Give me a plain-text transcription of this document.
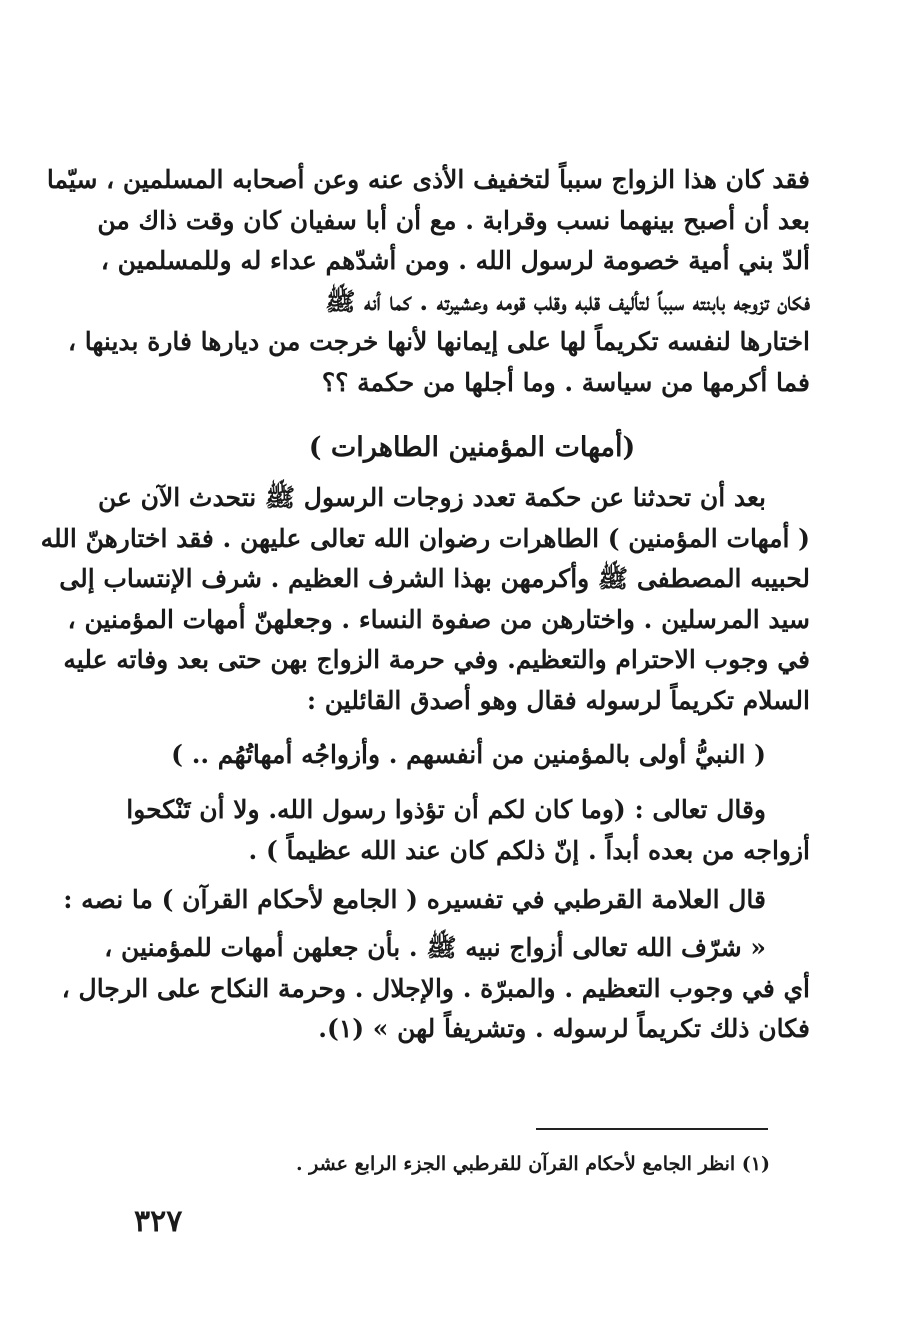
فقد كان هذا الزواج سبباً لتخفيف الأذى عنه وعن أصحابه المسلمين ، سيّما
بعد أن أصبح بينهما نسب وقرابة . مع أن أبا سفيان كان وقت ذاك من
ألدّ بني أمية خصومة لرسول الله . ومن أشدّهم عداء له وللمسلمين ،
فكان تزوجه بابنته سبباً لتأليف قلبه وقلب قومه وعشيرته . كما أنه ﷺ
اختارها لنفسه تكريماً لها على إيمانها لأنها خرجت من ديارها فارة بدينها ،
فما أكرمها من سياسة . وما أجلها من حكمة ؟؟
(أمهات المؤمنين الطاهرات )
بعد أن تحدثنا عن حكمة تعدد زوجات الرسول ﷺ نتحدث الآن عن
( أمهات المؤمنين ) الطاهرات رضوان الله تعالى عليهن . فقد اختارهنّ الله
لحبيبه المصطفى ﷺ وأكرمهن بهذا الشرف العظيم . شرف الإنتساب إلى
سيد المرسلين . واختارهن من صفوة النساء . وجعلهنّ أمهات المؤمنين ،
في وجوب الاحترام والتعظيم. وفي حرمة الزواج بهن حتى بعد وفاته عليه
السلام تكريماً لرسوله فقال وهو أصدق القائلين :
( النبيُّ أولى بالمؤمنين من أنفسهم . وأزواجُه أمهاتُهُم .. )
وقال تعالى : (وما كان لكم أن تؤذوا رسول الله. ولا أن تَنْكحوا
أزواجه من بعده أبداً . إنّ ذلكم كان عند الله عظيماً ) .
قال العلامة القرطبي في تفسيره ( الجامع لأحكام القرآن ) ما نصه :
« شرّف الله تعالى أزواج نبيه ﷺ . بأن جعلهن أمهات للمؤمنين ،
أي في وجوب التعظيم . والمبرّة . والإجلال . وحرمة النكاح على الرجال ،
فكان ذلك تكريماً لرسوله . وتشريفاً لهن » (١).
(١) انظر الجامع لأحكام القرآن للقرطبي الجزء الرابع عشر .
٣٢٧
